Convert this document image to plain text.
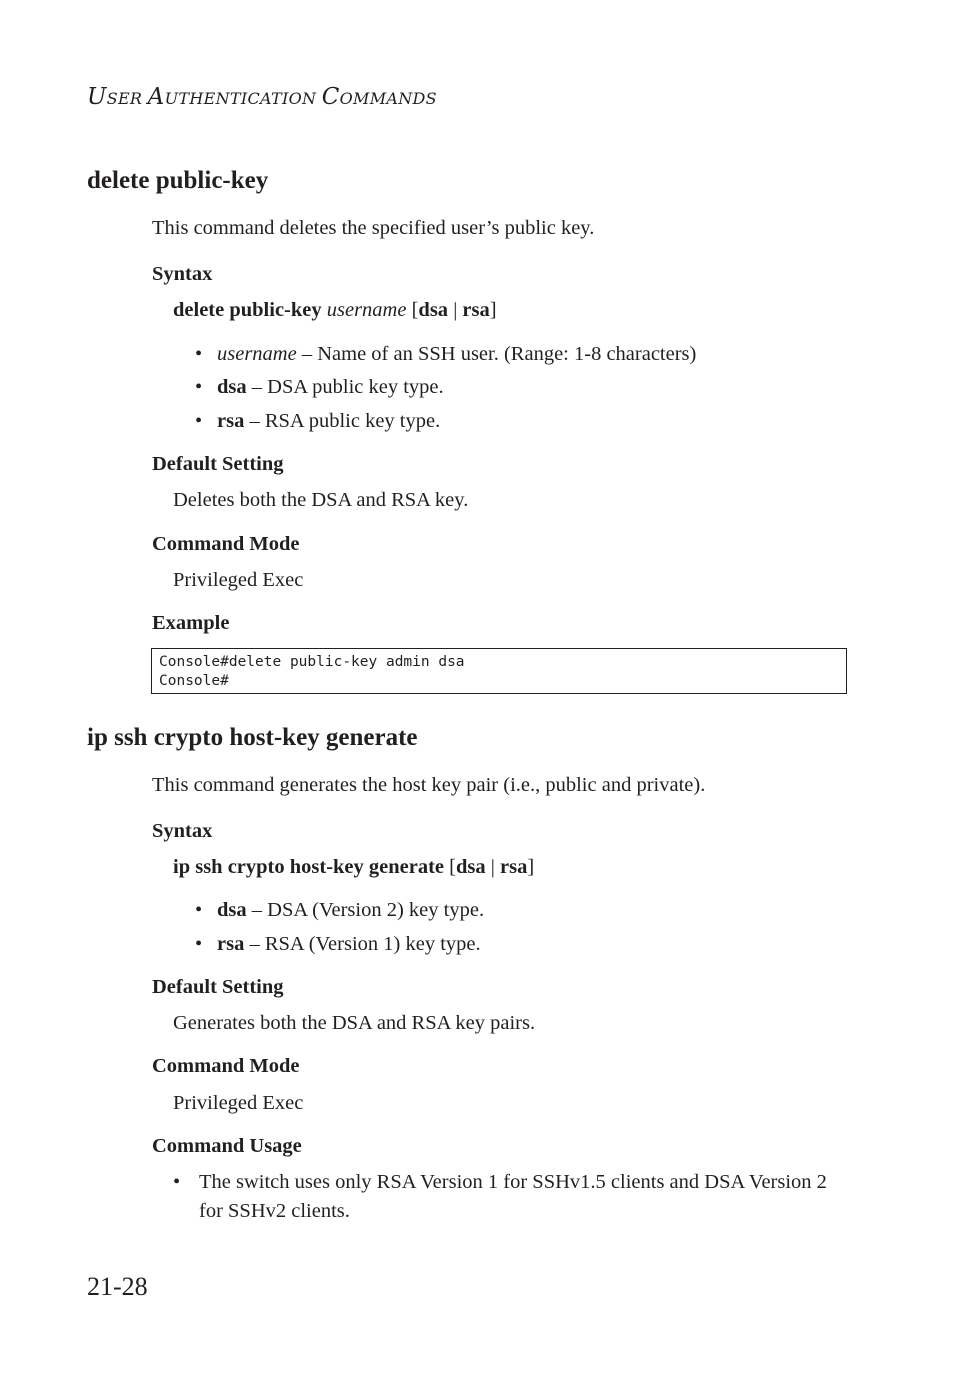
USER AUTHENTICATION COMMANDS
delete public-key
This command deletes the specified user’s public key.
Syntax
delete public-key username [dsa | rsa]
• username – Name of an SSH user. (Range: 1-8 characters)
• dsa – DSA public key type.
• rsa – RSA public key type.
Default Setting
Deletes both the DSA and RSA key.
Command Mode
Privileged Exec
Example
Console#delete public-key admin dsa
Console#
ip ssh crypto host-key generate
This command generates the host key pair (i.e., public and private).
Syntax
ip ssh crypto host-key generate [dsa | rsa]
• dsa – DSA (Version 2) key type.
• rsa – RSA (Version 1) key type.
Default Setting
Generates both the DSA and RSA key pairs.
Command Mode
Privileged Exec
Command Usage
• The switch uses only RSA Version 1 for SSHv1.5 clients and DSA Version 2 for SSHv2 clients.
21-28
